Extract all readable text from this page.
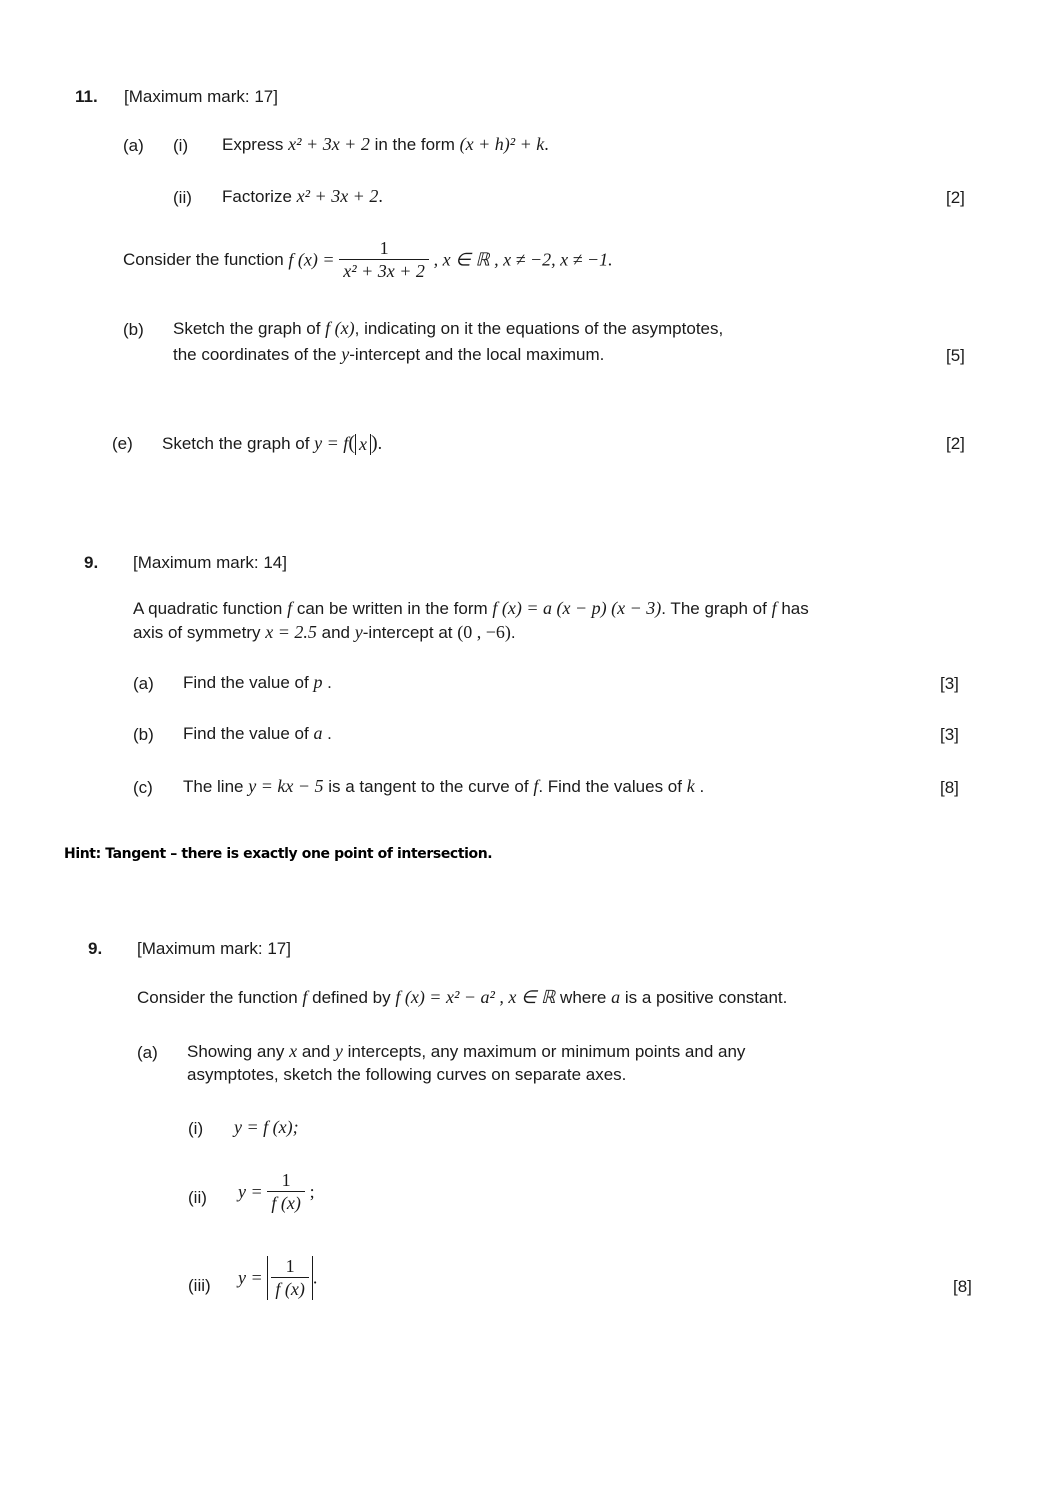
11. [Maximum mark: 17]
(a) (i) Express x² + 3x + 2 in the form (x + h)² + k.
(ii) Factorize x² + 3x + 2.	[2]
Consider the function f $(x) = \frac{1}{\text{x² + 3x + 2}}$ , x ∈ ℝ , x ≠ −2, x ≠ −1.
(b) Sketch the graph of f (x), indicating on it the equations of the asymptotes,
the coordinates of the y-intercept and the local maximum.	[5]
(e) Sketch the graph of y = f( x ).	[2]
9. [Maximum mark: 14]
A quadratic function f can be written in the form f (x) = a (x − p) (x − 3). The graph of f has
axis of symmetry x = 2.5 and y-intercept at (0 , −6).
(a) Find the value of p .	[3]
(b) Find the value of a .	[3]
(c) The line y = kx − 5 is a tangent to the curve of f. Find the values of k .	[8]
Hint: Tangent – there is exactly one point of intersection.
9. [Maximum mark: 17]
Consider the function f defined by f (x) = x² − a² , x ∈ ℝ where a is a positive constant.
(a) Showing any x and y intercepts, any maximum or minimum points and any
asymptotes, sketch the following curves on separate axes.
(i) y = f (x);
(ii) $y = \frac{1}{f (x)}$ ;
(iii) $y = \frac{1}{f (x)}$ .	[8]
